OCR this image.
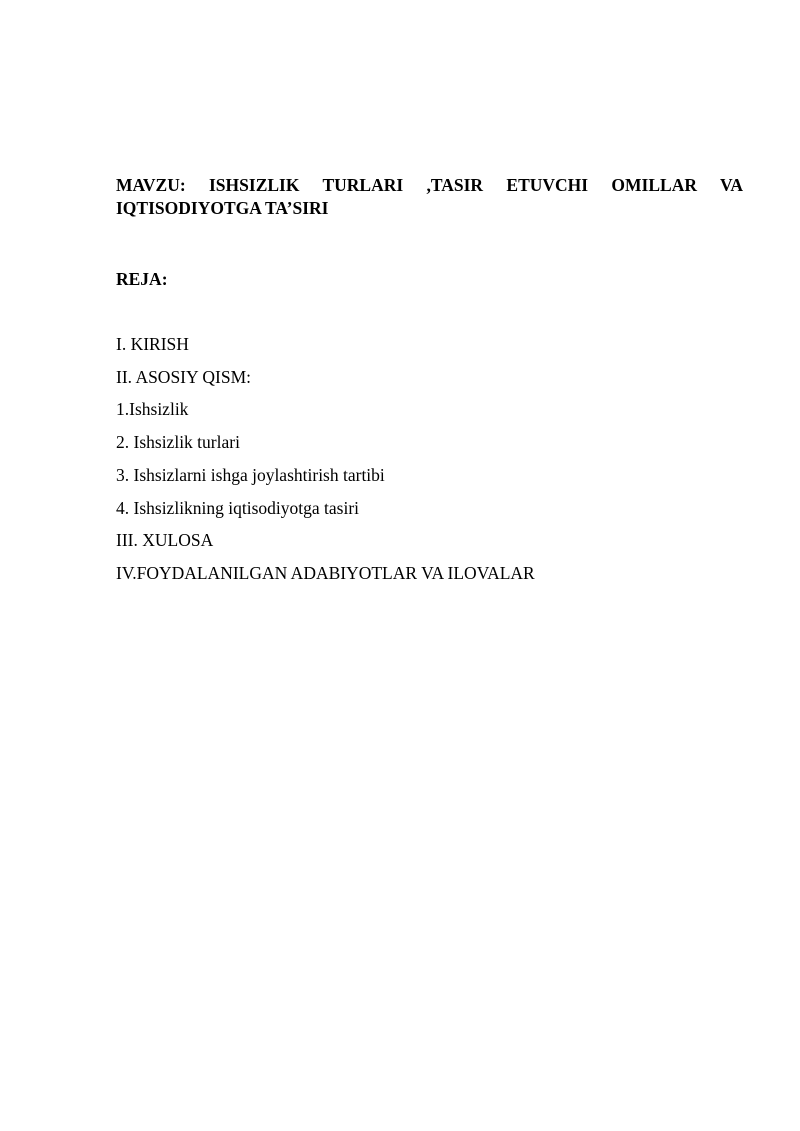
MAVZU: ISHSIZLIK TURLARI ,TASIR ETUVCHI OMILLAR VA IQTISODIYOTGA TA’SIRI
REJA:
I. KIRISH
II. ASOSIY QISM:
1.Ishsizlik
2. Ishsizlik turlari
3. Ishsizlarni ishga joylashtirish tartibi
4. Ishsizlikning iqtisodiyotga tasiri
III. XULOSA
IV.FOYDALANILGAN ADABIYOTLAR VA ILOVALAR
